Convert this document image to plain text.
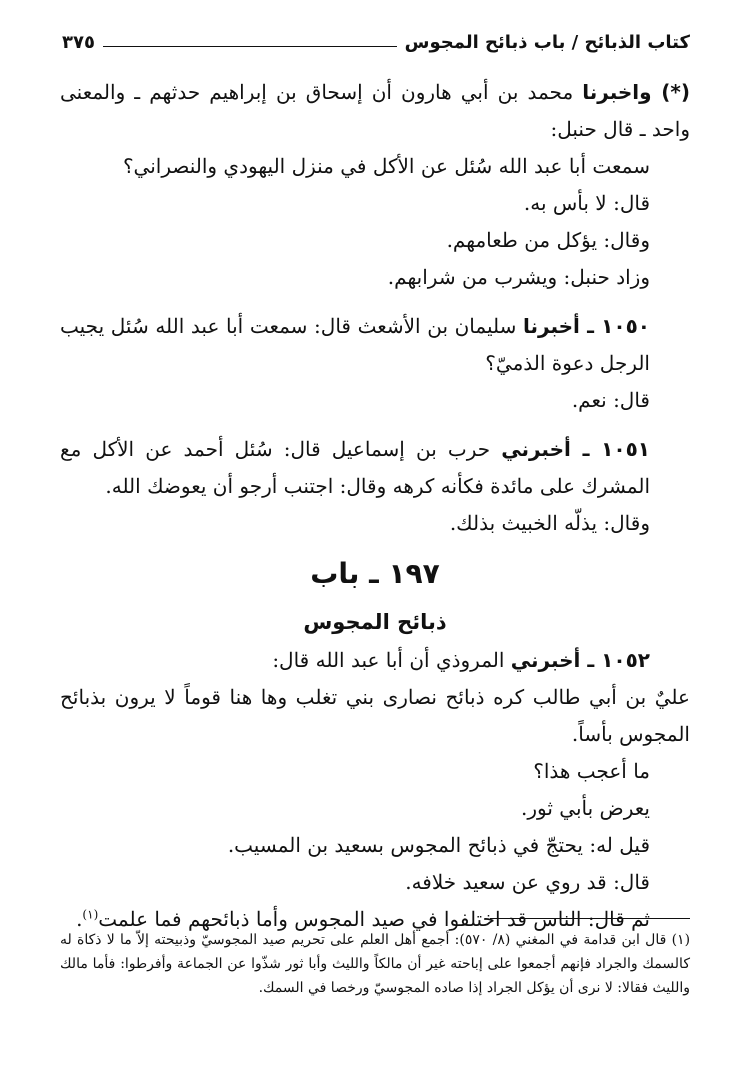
كتاب الذبائح / باب ذبائح المجوس
٣٧٥

(*) واخبرنا محمد بن أبي هارون أن إسحاق بن إبراهيم حدثهم ـ والمعنى واحد ـ قال حنبل:

سمعت أبا عبد الله سُئل عن الأكل في منزل اليهودي والنصراني؟

قال: لا بأس به.

وقال: يؤكل من طعامهم.

وزاد حنبل: ويشرب من شرابهم.

١٠٥٠ ـ أخبرنا سليمان بن الأشعث قال: سمعت أبا عبد الله سُئل يجيب الرجل دعوة الذميّ؟

قال: نعم.

١٠٥١ ـ أخبرني حرب بن إسماعيل قال: سُئل أحمد عن الأكل مع المشرك على مائدة فكأنه كرهه وقال: اجتنب أرجو أن يعوضك الله.

وقال: يذلّه الخبيث بذلك.

١٩٧ ـ باب

ذبائح المجوس

١٠٥٢ ـ أخبرني المروذي أن أبا عبد الله قال:

عليٌ بن أبي طالب كره ذبائح نصارى بني تغلب وها هنا قوماً لا يرون بذبائح المجوس بأساً.

ما أعجب هذا؟

يعرض بأبي ثور.

قيل له: يحتجّ في ذبائح المجوس بسعيد بن المسيب.

قال: قد روي عن سعيد خلافه.

ثم قال: الناس قد اختلفوا في صيد المجوس وأما ذبائحهم فما علمت$^{(١)}$.

(١) قال ابن قدامة في المغني (٨/ ٥٧٠): أجمع أهل العلم على تحريم صيد المجوسيّ وذبيحته إلاّ ما لا ذكاة له كالسمك والجراد فإنهم أجمعوا على إباحته غير أن مالكاً والليث وأبا ثور شذّوا عن الجماعة وأفرطوا: فأما مالك والليث فقالا: لا نرى أن يؤكل الجراد إذا صاده المجوسيّ ورخصا في السمك.
